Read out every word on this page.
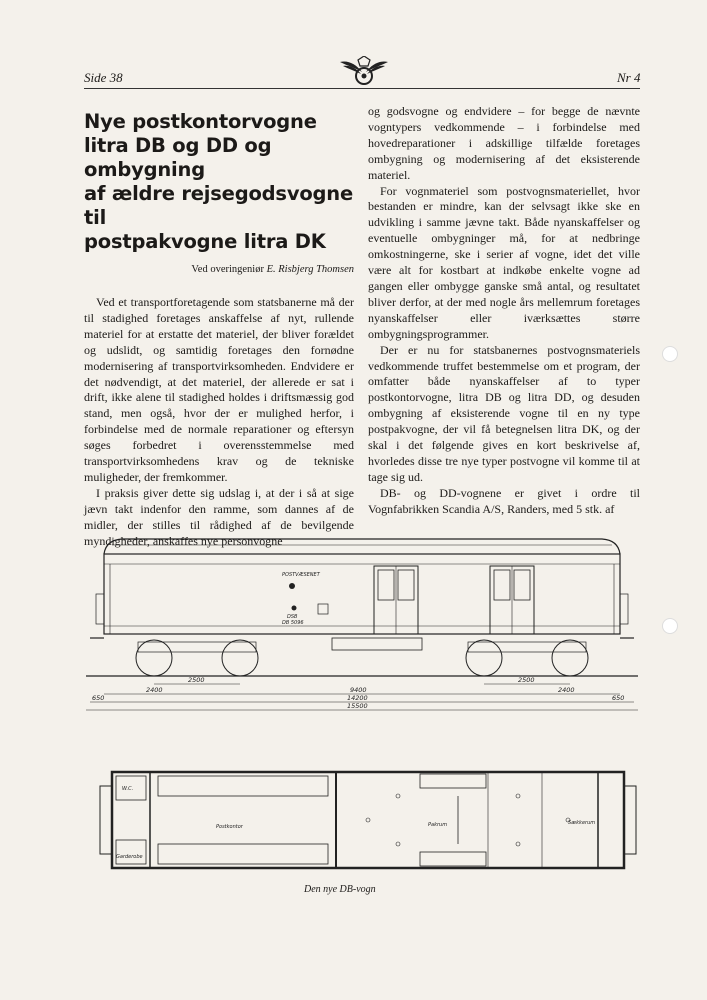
Side 38	Nr 4
Nye postkontorvogne
litra DB og DD og ombygning
af ældre rejsegodsvogne til
postpakvogne litra DK
Ved overingeniør E. Risbjerg Thomsen

Ved et transportforetagende som statsbanerne må der til stadighed foretages anskaffelse af nyt, rullende materiel for at erstatte det materiel, der bliver forældet og udslidt, og samtidig foretages den fornødne modernisering af transportvirksomheden. Endvidere er det nødvendigt, at det materiel, der allerede er sat i drift, ikke alene til stadighed holdes i driftsmæssig god stand, men også, hvor der er mulighed herfor, i forbindelse med de normale reparationer og eftersyn søges forbedret i overensstemmelse med transportvirksomhedens krav og de tekniske muligheder, der fremkommer.

I praksis giver dette sig udslag i, at der i så at sige jævn takt indenfor den ramme, som dannes af de midler, der stilles til rådighed af de bevilgende myndigheder, anskaffes nye personvogne

og godsvogne og endvidere – for begge de nævnte vogntypers vedkommende – i forbindelse med hovedreparationer i adskillige tilfælde foretages ombygning og modernisering af det eksisterende materiel.

For vognmateriel som postvognsmateriellet, hvor bestanden er mindre, kan der selvsagt ikke ske en udvikling i samme jævne takt. Både nyanskaffelser og eventuelle ombygninger må, for at nedbringe omkostningerne, ske i serier af vogne, idet det ville være alt for kostbart at indkøbe enkelte vogne ad gangen eller ombygge ganske små antal, og resultatet bliver derfor, at der med nogle års mellemrum foretages nyanskaffelser eller iværksættes større ombygningsprogrammer.

Der er nu for statsbanernes postvognsmateriels vedkommende truffet bestemmelse om et program, der omfatter både nyanskaffelser af to typer postkontorvogne, litra DB og litra DD, og desuden ombygning af eksisterende vogne til en ny type postpakvogne, der vil få betegnelsen litra DK, og der skal i det følgende gives en kort beskrivelse af, hvorledes disse tre nye typer postvogne vil komme til at tage sig ud.

DB- og DD-vognene er givet i ordre til Vognfabrikken Scandia A/S, Randers, med 5 stk. af

POSTVÆSENET
DSB
DB 5096
2500	2500
2400	9400	2400
650	14200	650
15500
W.C.
Postkontor
Garderobe
Pakrum	Sækkerum
Den nye DB-vogn
